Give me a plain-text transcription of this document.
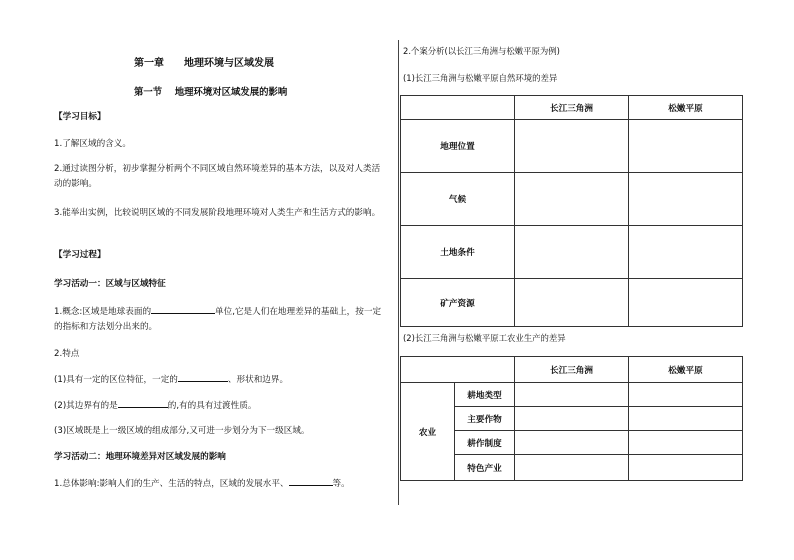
第一章　　地理环境与区域发展
第一节　 地理环境对区域发展的影响
【学习目标】
1.了解区域的含义。
2.通过读图分析，初步掌握分析两个不同区域自然环境差异的基本方法，以及对人类活动的影响。
3.能举出实例，比较说明区域的不同发展阶段地理环境对人类生产和生活方式的影响。
【学习过程】
学习活动一：区域与区域特征
1.概念:区域是地球表面的	单位,它是人们在地理差异的基础上，按一定的指标和方法划分出来的。
2.特点
(1)具有一定的区位特征，一定的	、形状和边界。
(2)其边界有的是	的,有的具有过渡性质。
(3)区域既是上一级区域的组成部分,又可进一步划分为下一级区域。
学习活动二：地理环境差异对区域发展的影响
1.总体影响:影响人们的生产、生活的特点，区域的发展水平、	等。
2.个案分析(以长江三角洲与松嫩平原为例)
(1)长江三角洲与松嫩平原自然环境的差异
	长江三角洲	松嫩平原
地理位置		
气候		
土地条件		
矿产资源		
(2)长江三角洲与松嫩平原工农业生产的差异
		长江三角洲	松嫩平原
农业	耕地类型		
	主要作物		
	耕作制度		
	特色产业		
